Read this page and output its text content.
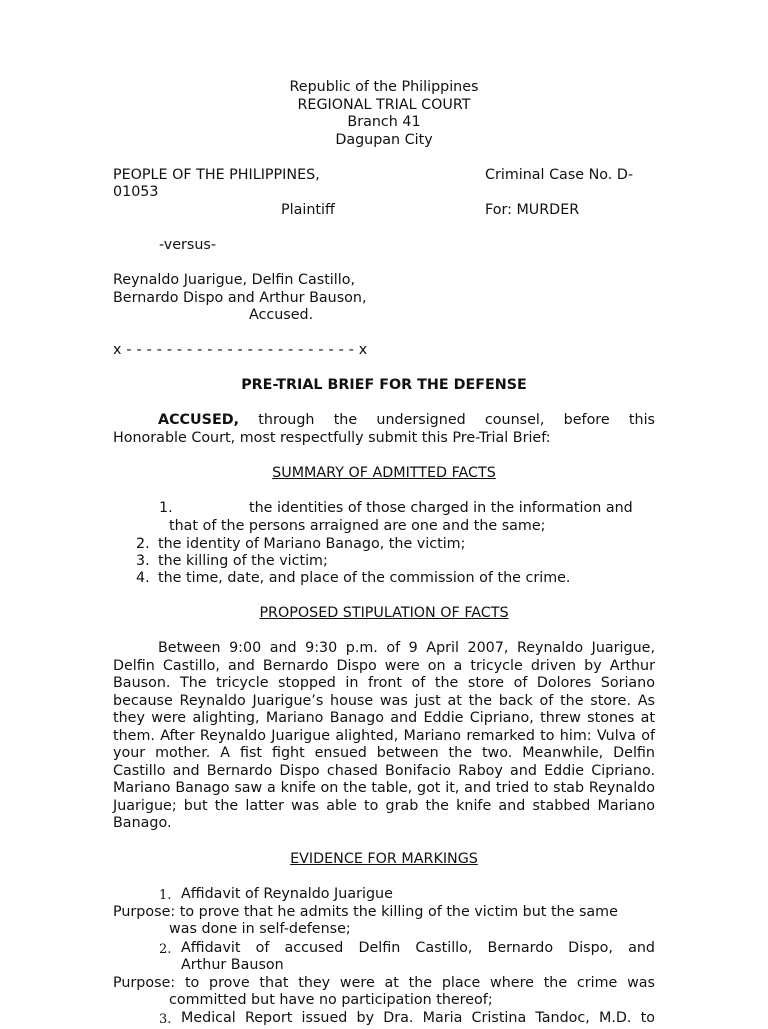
Republic of the Philippines
REGIONAL TRIAL COURT
Branch 41
Dagupan City
PEOPLE OF THE PHILIPPINES,	Criminal Case No. D-
01053
Plaintiff	For: MURDER
-versus-
Reynaldo Juarigue, Delfin Castillo,
Bernardo Dispo and Arthur Bauson,
Accused.
x - - - - - - - - - - - - - - - - - - - - - - - x
PRE-TRIAL BRIEF FOR THE DEFENSE
ACCUSED, through the undersigned counsel, before this
Honorable Court, most respectfully submit this Pre-Trial Brief:
SUMMARY OF ADMITTED FACTS
1.	the identities of those charged in the information and
that of the persons arraigned are one and the same;
2. the identity of Mariano Banago, the victim;
3. the killing of the victim;
4. the time, date, and place of the commission of the crime.
PROPOSED STIPULATION OF FACTS
Between 9:00 and 9:30 p.m. of 9 April 2007, Reynaldo Juarigue, Delfin Castillo, and Bernardo Dispo were on a tricycle driven by Arthur Bauson. The tricycle stopped in front of the store of Dolores Soriano because Reynaldo Juarigue’s house was just at the back of the store. As they were alighting, Mariano Banago and Eddie Cipriano, threw stones at them. After Reynaldo Juarigue alighted, Mariano remarked to him: Vulva of your mother. A fist fight ensued between the two. Meanwhile, Delfin Castillo and Bernardo Dispo chased Bonifacio Raboy and Eddie Cipriano. Mariano Banago saw a knife on the table, got it, and tried to stab Reynaldo Juarigue; but the latter was able to grab the knife and stabbed Mariano Banago.
EVIDENCE FOR MARKINGS
1. Affidavit of Reynaldo Juarigue
Purpose: to prove that he admits the killing of the victim but the same
was done in self-defense;
2. Affidavit of accused Delfin Castillo, Bernardo Dispo, and
Arthur Bauson
Purpose: to prove that they were at the place where the crime was
committed but have no participation thereof;
3. Medical Report issued by Dra. Maria Cristina Tandoc, M.D. to
